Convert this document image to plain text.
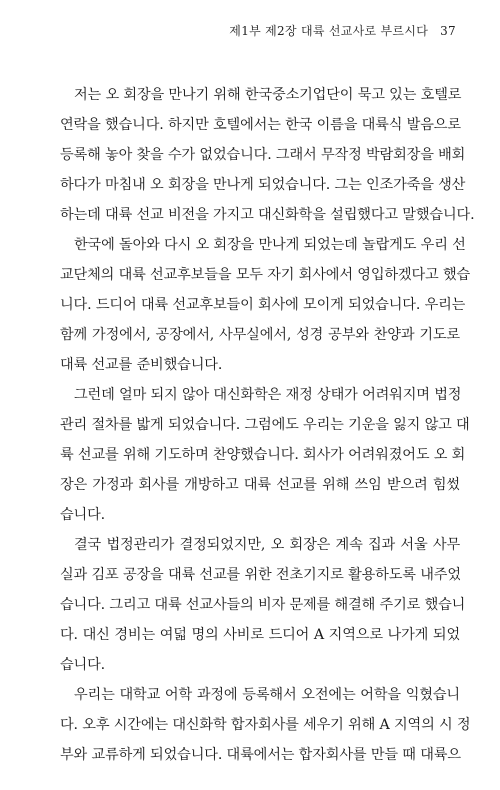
제1부 제2장 대륙 선교사로 부르시다 37

저는 오 회장을 만나기 위해 한국중소기업단이 묵고 있는 호텔로
연락을 했습니다. 하지만 호텔에서는 한국 이름을 대륙식 발음으로
등록해 놓아 찾을 수가 없었습니다. 그래서 무작정 박람회장을 배회
하다가 마침내 오 회장을 만나게 되었습니다. 그는 인조가죽을 생산
하는데 대륙 선교 비전을 가지고 대신화학을 설립했다고 말했습니다.

한국에 돌아와 다시 오 회장을 만나게 되었는데 놀랍게도 우리 선
교단체의 대륙 선교후보들을 모두 자기 회사에서 영입하겠다고 했습
니다. 드디어 대륙 선교후보들이 회사에 모이게 되었습니다. 우리는
함께 가정에서, 공장에서, 사무실에서, 성경 공부와 찬양과 기도로
대륙 선교를 준비했습니다.

그런데 얼마 되지 않아 대신화학은 재정 상태가 어려워지며 법정
관리 절차를 밟게 되었습니다. 그럼에도 우리는 기운을 잃지 않고 대
륙 선교를 위해 기도하며 찬양했습니다. 회사가 어려워졌어도 오 회
장은 가정과 회사를 개방하고 대륙 선교를 위해 쓰임 받으려 힘썼
습니다.

결국 법정관리가 결정되었지만, 오 회장은 계속 집과 서울 사무
실과 김포 공장을 대륙 선교를 위한 전초기지로 활용하도록 내주었
습니다. 그리고 대륙 선교사들의 비자 문제를 해결해 주기로 했습니
다. 대신 경비는 여덟 명의 사비로 드디어 A 지역으로 나가게 되었
습니다.

우리는 대학교 어학 과정에 등록해서 오전에는 어학을 익혔습니
다. 오후 시간에는 대신화학 합자회사를 세우기 위해 A 지역의 시 정
부와 교류하게 되었습니다. 대륙에서는 합자회사를 만들 때 대륙으
